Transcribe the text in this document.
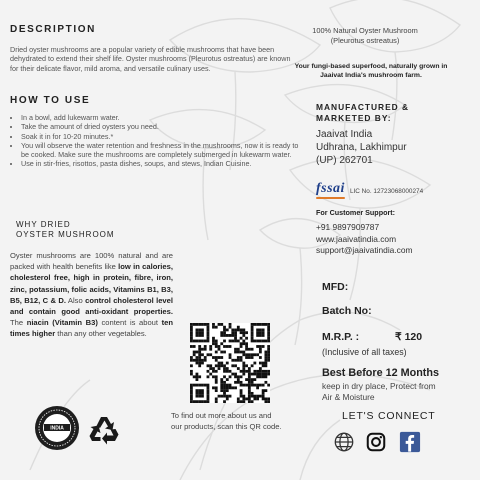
DESCRIPTION
Dried oyster mushrooms are a popular variety of edible mushrooms that have been dehydrated to extend their shelf life. Oyster mushrooms (Pleurotus ostreatus) are known for their delicate flavor, mild aroma, and versatile culinary uses.
HOW TO USE
• In a bowl, add lukewarm water.
• Take the amount of dried oysters you need.
• Soak it in for 10-20 minutes.*
• You will observe the water retention and freshness in the mushrooms, now it is ready to be cooked. Make sure the mushrooms are completely submerged in lukewarm water.
• Use in stir-fries, risottos, pasta dishes, soups, and stews, Indian Cuisine.
WHY DRIED
OYSTER MUSHROOM
Oyster mushrooms are 100% natural and are packed with health benefits like low in calories, cholesterol free, high in protein, fibre, iron, zinc, potassium, folic acids, Vitamins B1, B3, B5, B12, C & D. Also control cholesterol level and contain good anti-oxidant properties. The niacin (Vitamin B3) content is about ten times higher than any other vegetables.
100% Natural Oyster Mushroom
(Pleurotus ostreatus)
Your fungi-based superfood, naturally grown in
Jaaivat India's mushroom farm.
MANUFACTURED &
MARKETED BY:
Jaaivat India
Udhrana, Lakhimpur
(UP) 262701
fssai LIC No. 12723068000274
For Customer Support:
+91 9897909787
www.jaaivatindia.com
support@jaaivatindia.com
MFD:
Batch No:
M.R.P. :	₹ 120
(Inclusive of all taxes)
Best Before 12 Months
keep in dry place, Protect from
Air & Moisture
LET'S CONNECT
To find out more about us and
our products, scan this QR code.
INDIA
